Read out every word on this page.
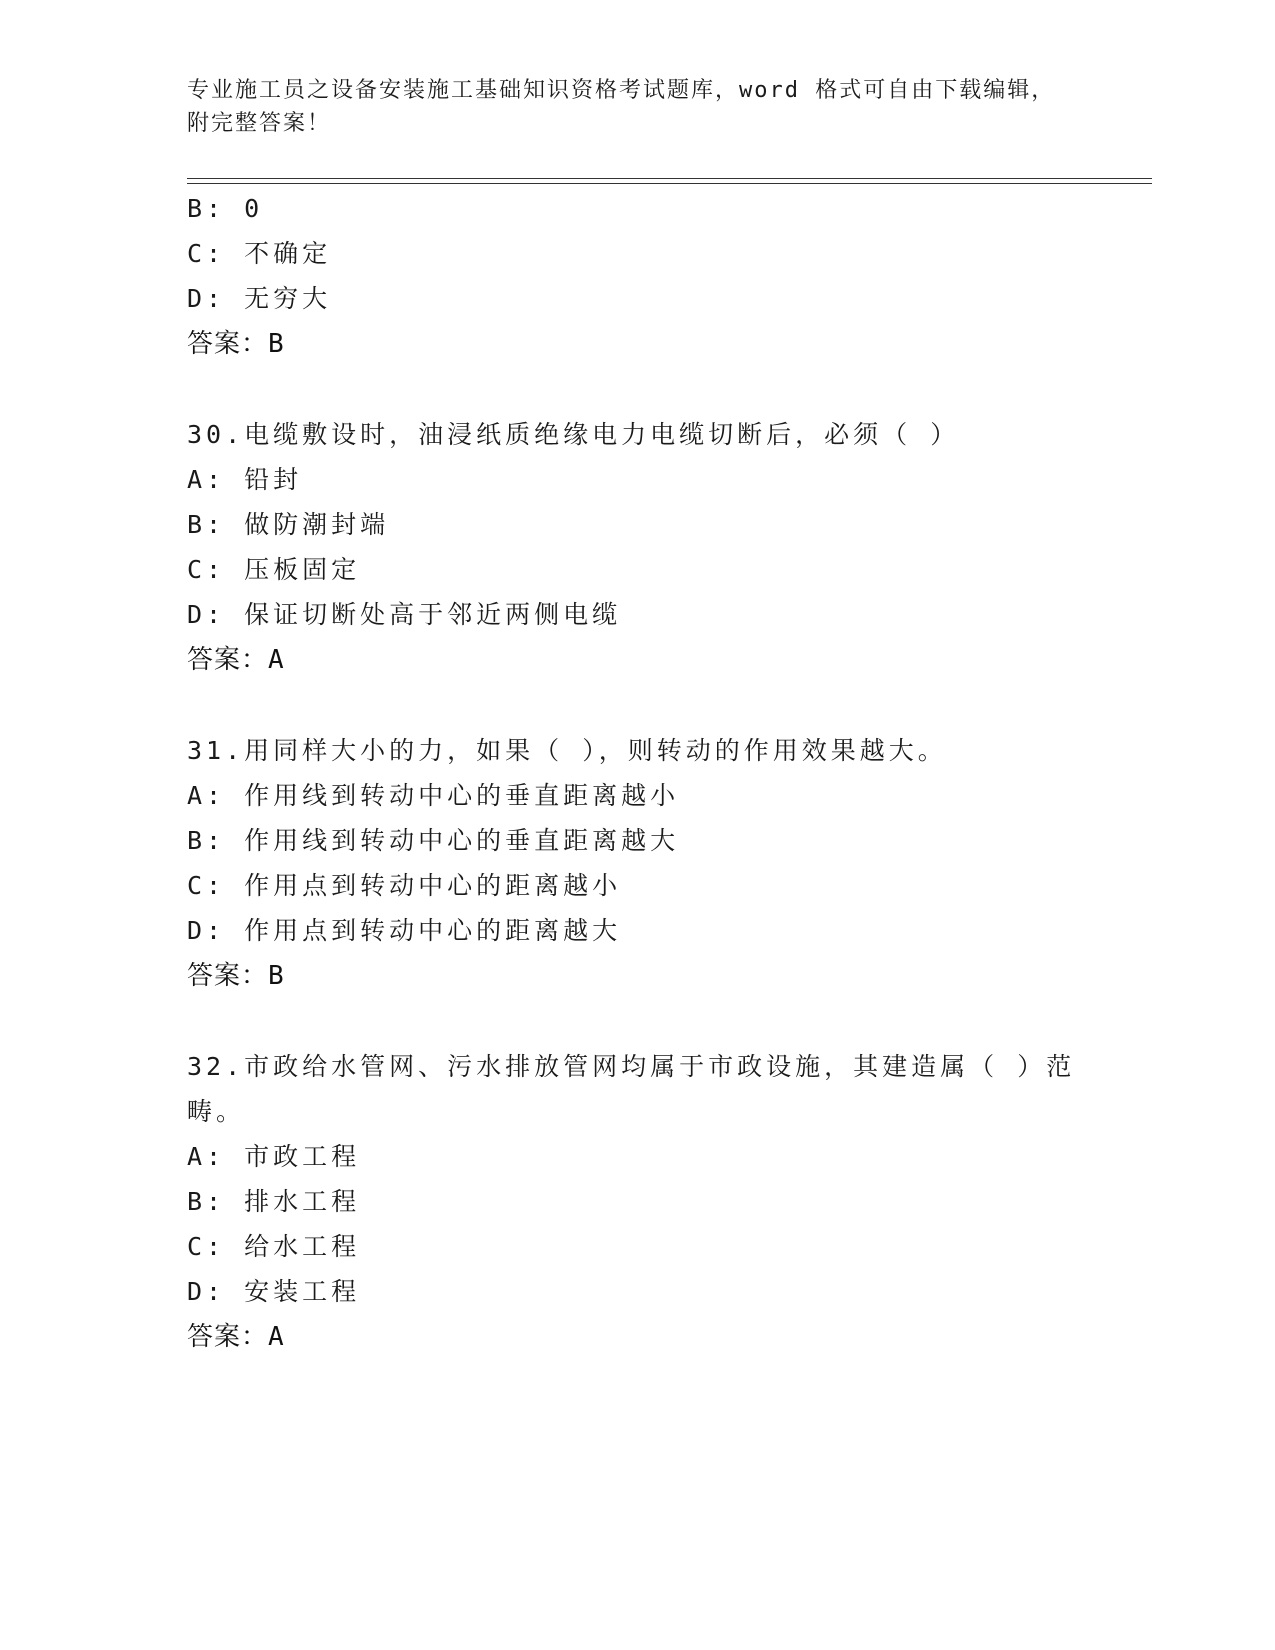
专业施工员之设备安装施工基础知识资格考试题库，word 格式可自由下载编辑，
附完整答案！
B: 0
C: 不确定
D: 无穷大
答案：B
30.电缆敷设时，油浸纸质绝缘电力电缆切断后，必须（ ）
A: 铅封
B: 做防潮封端
C: 压板固定
D: 保证切断处高于邻近两侧电缆
答案：A
31.用同样大小的力，如果（ ），则转动的作用效果越大。
A: 作用线到转动中心的垂直距离越小
B: 作用线到转动中心的垂直距离越大
C: 作用点到转动中心的距离越小
D: 作用点到转动中心的距离越大
答案：B
32.市政给水管网、污水排放管网均属于市政设施，其建造属（ ）范
畴。
A: 市政工程
B: 排水工程
C: 给水工程
D: 安装工程
答案：A
